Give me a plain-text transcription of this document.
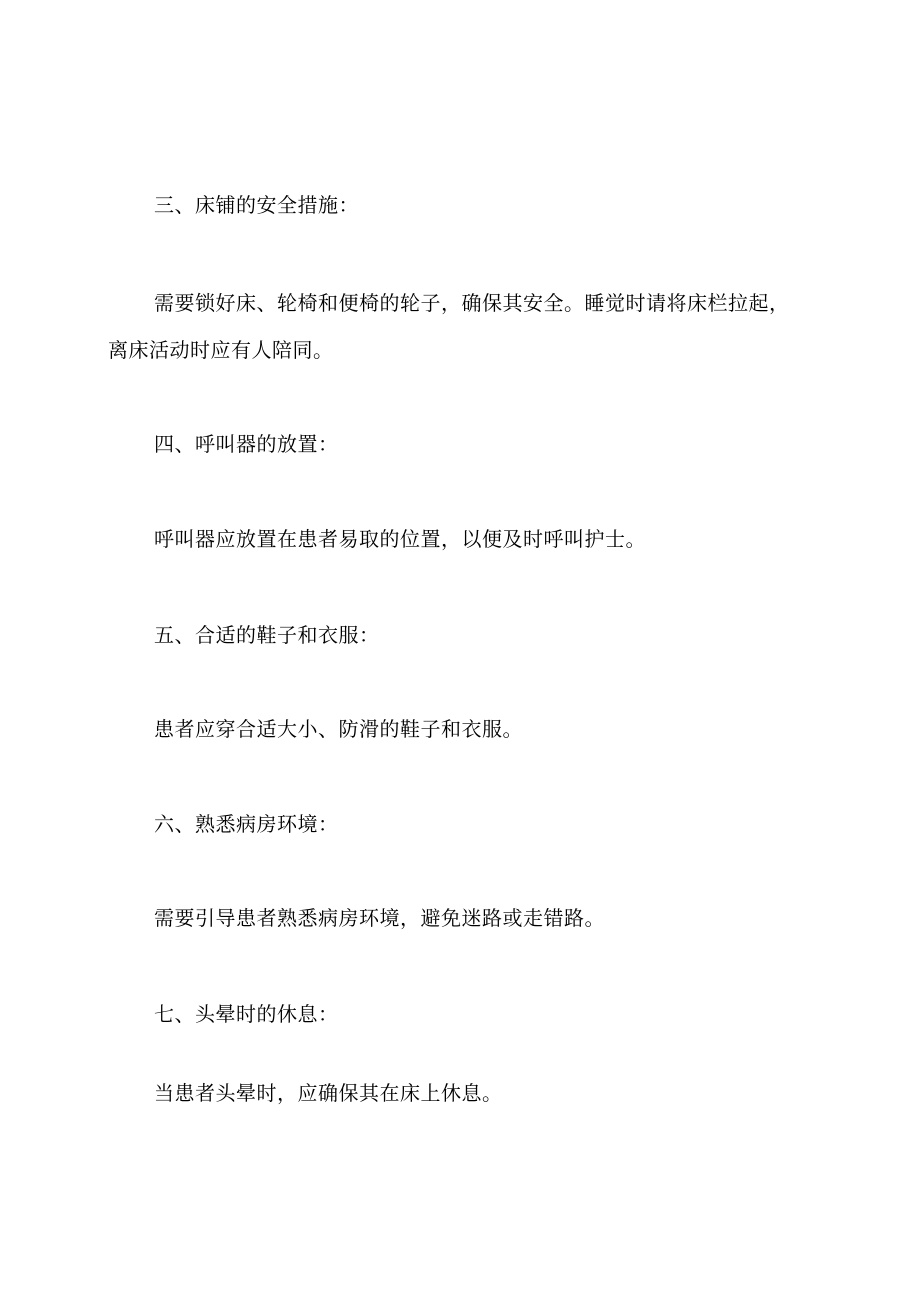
三、床铺的安全措施：
需要锁好床、轮椅和便椅的轮子，确保其安全。睡觉时请将床栏拉起，
离床活动时应有人陪同。
四、呼叫器的放置：
呼叫器应放置在患者易取的位置，以便及时呼叫护士。
五、合适的鞋子和衣服：
患者应穿合适大小、防滑的鞋子和衣服。
六、熟悉病房环境：
需要引导患者熟悉病房环境，避免迷路或走错路。
七、头晕时的休息：
当患者头晕时，应确保其在床上休息。
